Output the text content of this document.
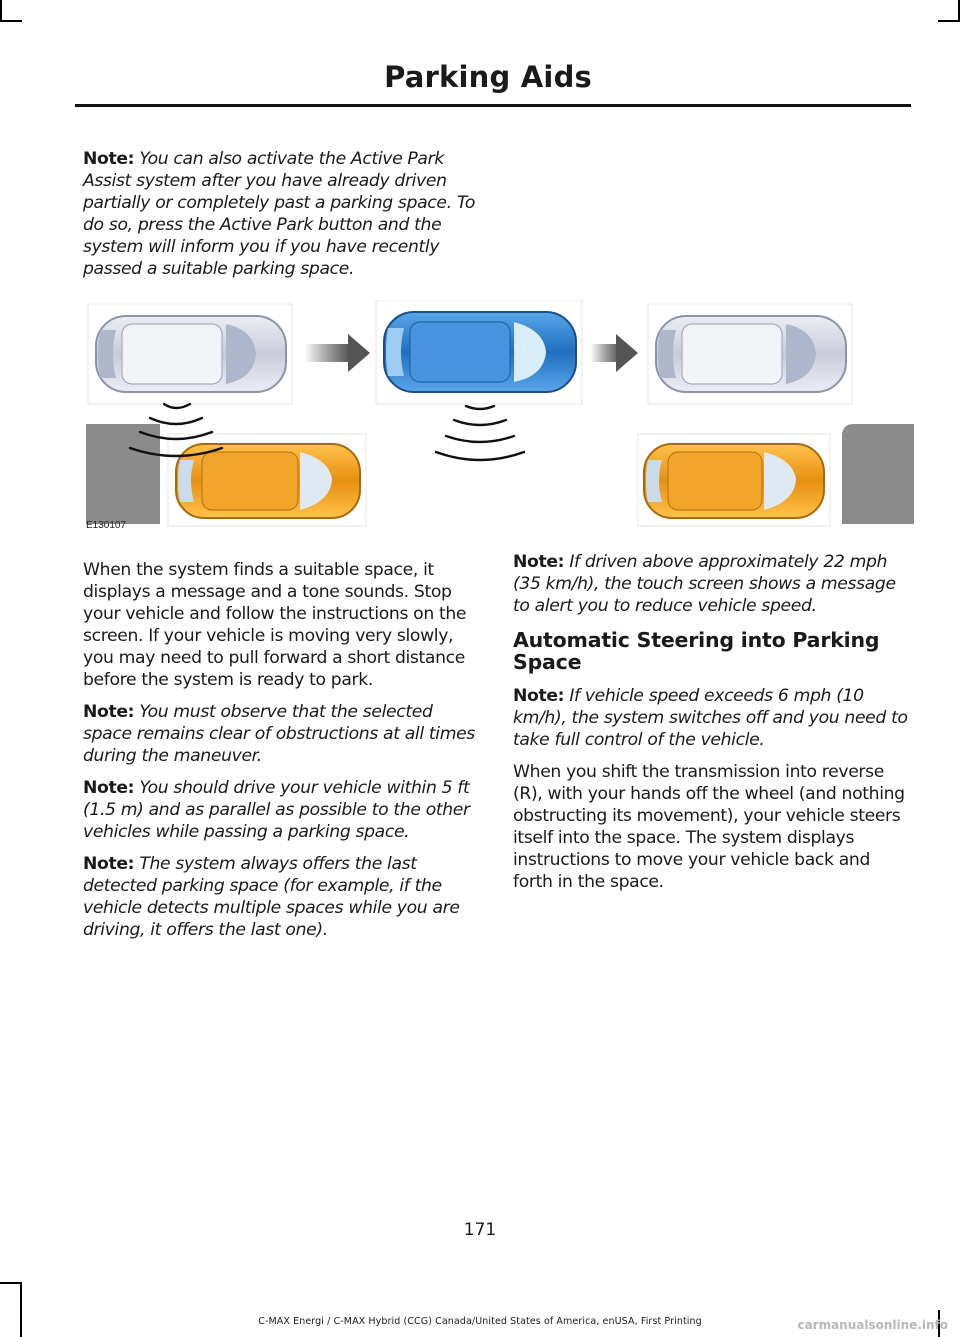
Parking Aids

Note: You can also activate the Active Park Assist system after you have already driven partially or completely past a parking space. To do so, press the Active Park button and the system will inform you if you have recently passed a suitable parking space.

E130107

When the system finds a suitable space, it displays a message and a tone sounds. Stop your vehicle and follow the instructions on the screen. If your vehicle is moving very slowly, you may need to pull forward a short distance before the system is ready to park.

Note: You must observe that the selected space remains clear of obstructions at all times during the maneuver.

Note: You should drive your vehicle within 5 ft (1.5 m) and as parallel as possible to the other vehicles while passing a parking space.

Note: The system always offers the last detected parking space (for example, if the vehicle detects multiple spaces while you are driving, it offers the last one).

Note: If driven above approximately 22 mph (35 km/h), the touch screen shows a message to alert you to reduce vehicle speed.

Automatic Steering into Parking Space

Note: If vehicle speed exceeds 6 mph (10 km/h), the system switches off and you need to take full control of the vehicle.

When you shift the transmission into reverse (R), with your hands off the wheel (and nothing obstructing its movement), your vehicle steers itself into the space. The system displays instructions to move your vehicle back and forth in the space.

171
C-MAX Energi / C-MAX Hybrid (CCG) Canada/United States of America, enUSA, First Printing	carmanualsonline.info
